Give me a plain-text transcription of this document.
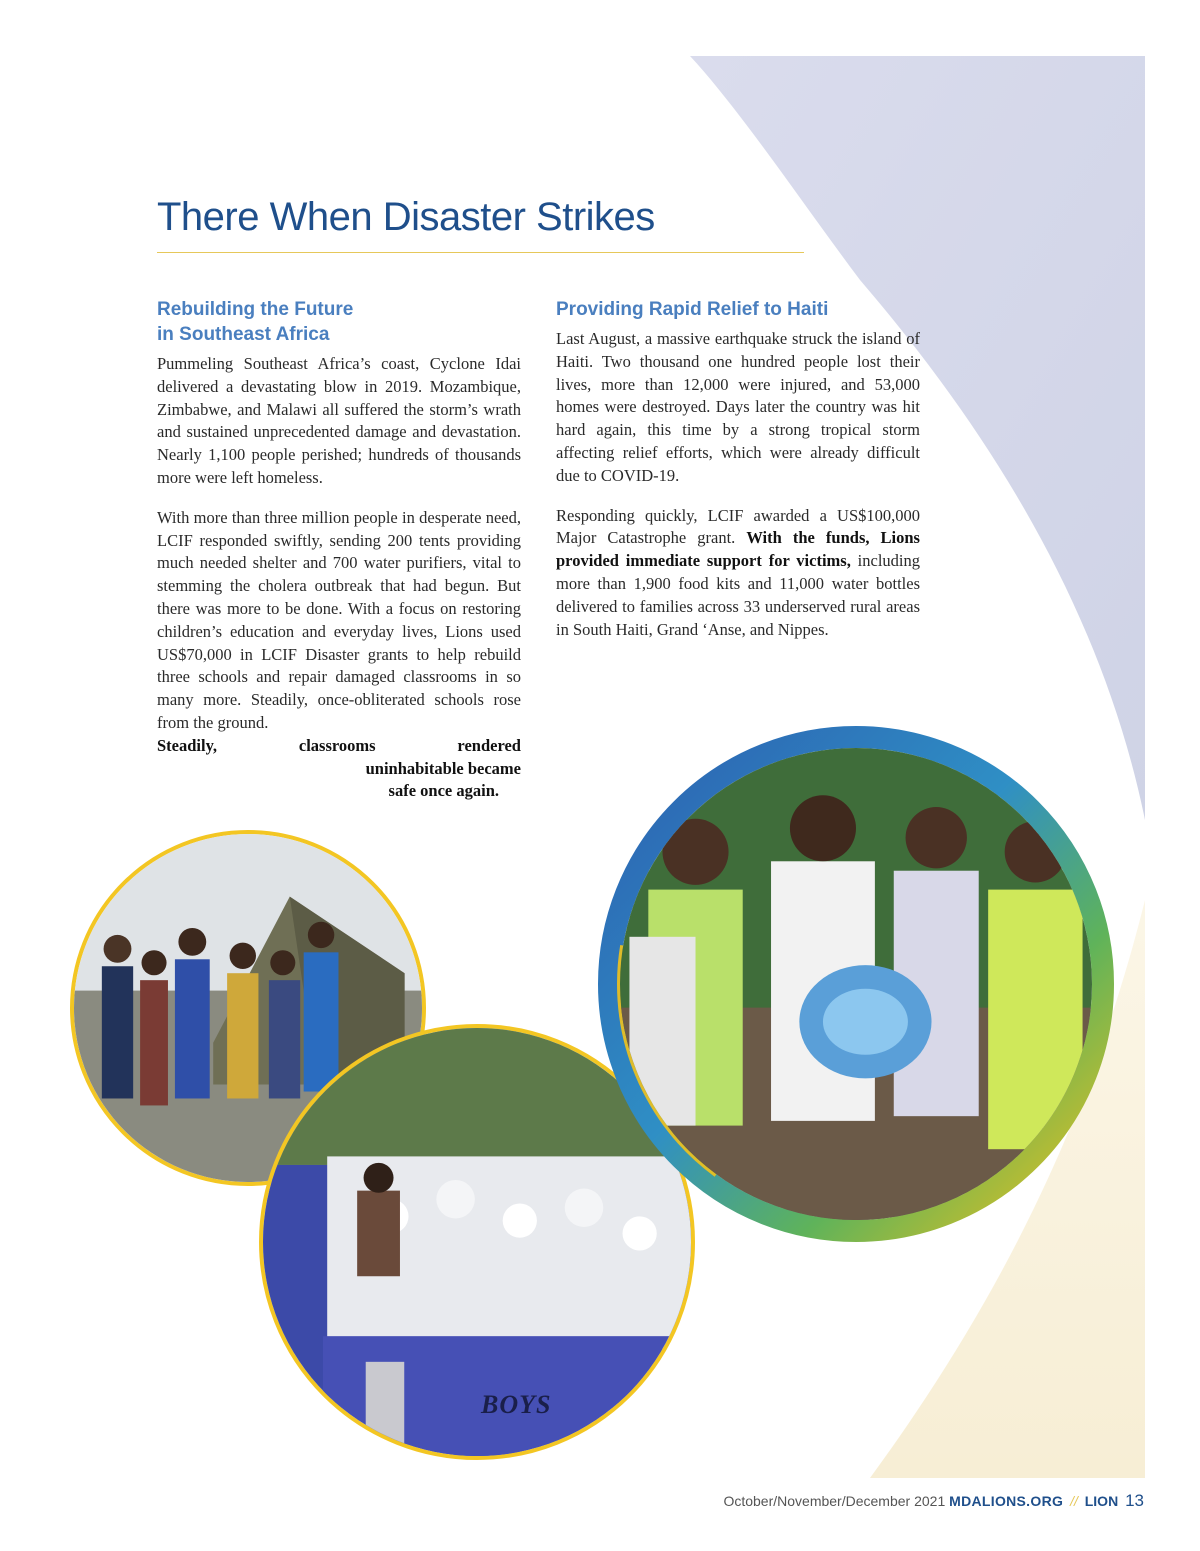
There When Disaster Strikes
Rebuilding the Future
in Southeast Africa

Pummeling Southeast Africa’s coast, Cyclone Idai delivered a devastating blow in 2019. Mozambique, Zimbabwe, and Malawi all suffered the storm’s wrath and sustained unprecedented damage and devastation. Nearly 1,100 people perished; hundreds of thousands more were left homeless.

With more than three million people in desperate need, LCIF responded swiftly, sending 200 tents providing much needed shelter and 700 water purifiers, vital to stemming the cholera outbreak that had begun. But there was more to be done. With a focus on restoring children’s education and everyday lives, Lions used US$70,000 in LCIF Disaster grants to help rebuild three schools and repair damaged classrooms in so many more. Steadily, once-obliterated schools rose from the ground.

Steadily,	classrooms	rendered
uninhabitable became
safe once again.
Providing Rapid Relief to Haiti

Last August, a massive earthquake struck the island of Haiti. Two thousand one hundred people lost their lives, more than 12,000 were injured, and 53,000 homes were destroyed. Days later the country was hit hard again, this time by a strong tropical storm affecting relief efforts, which were already difficult due to COVID-19.

Responding quickly, LCIF awarded a US$100,000 Major Catastrophe grant. With the funds, Lions provided immediate support for victims, including more than 1,900 food kits and 11,000 water bottles delivered to families across 33 underserved rural areas in South Haiti, Grand ‘Anse, and Nippes.

BOYS
October/November/December 2021 MDALIONS.ORG // LION 13
